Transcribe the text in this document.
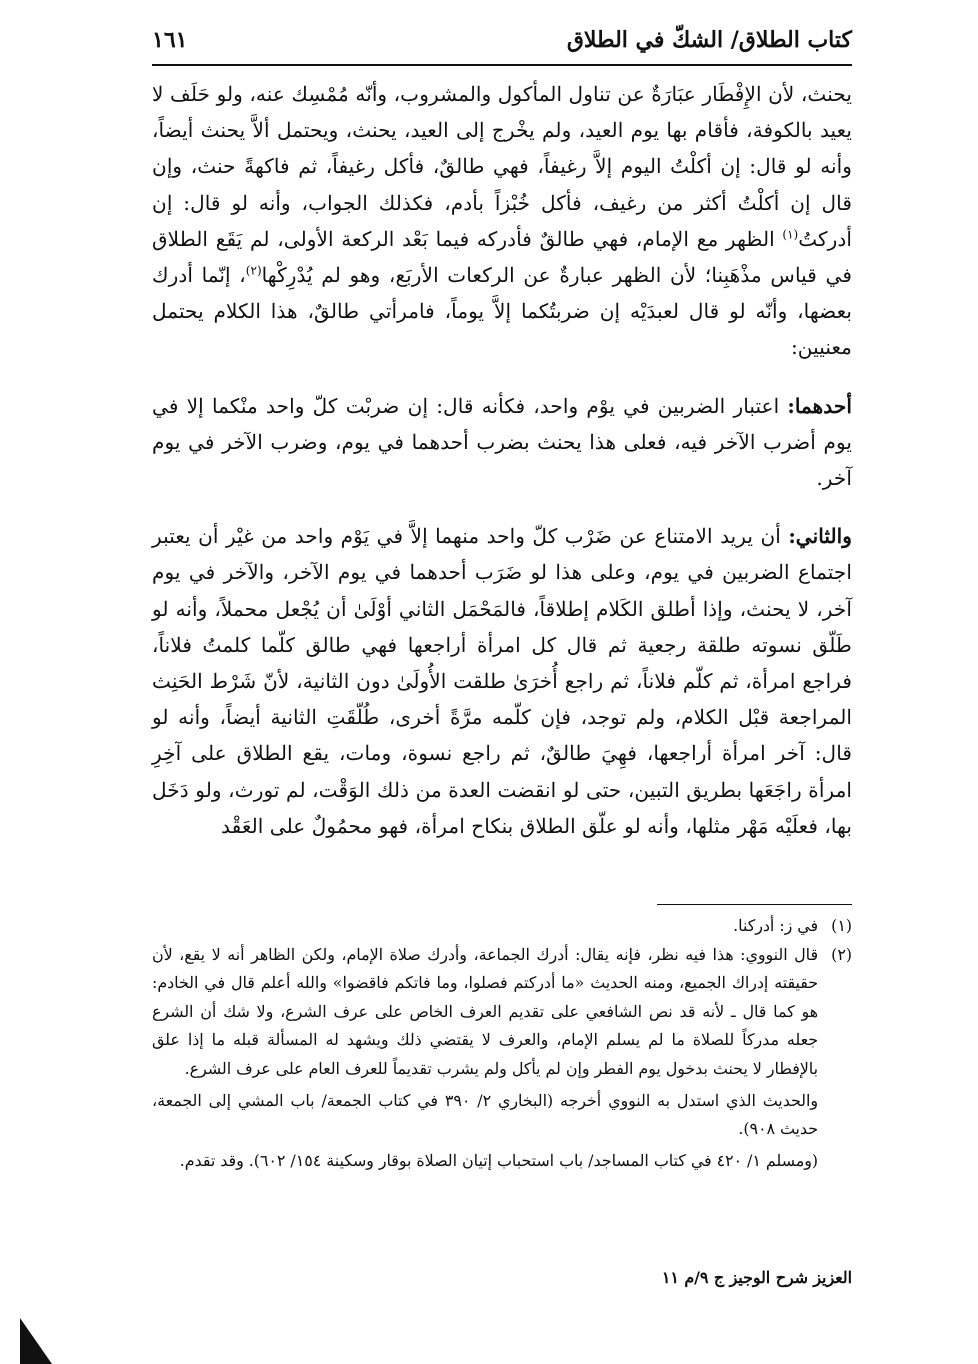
١٦١	كتاب الطلاق/ الشكّ في الطلاق

يحنث، لأن الإِفْطَار عبَارَةٌ عن تناول المأكول والمشروب، وأنّه مُمْسِك عنه، ولو حَلَف لا يعيد بالكوفة، فأقام بها يوم العيد، ولم يخْرج إلى العيد، يحنث، ويحتمل ألاَّ يحنث أيضاً، وأنه لو قال: إن أكلْتُ اليوم إلاَّ رغيفاً، فهي طالقٌ، فأكل رغيفاً، ثم فاكهةً حنث، وإن قال إن أكلْتُ أكثر من رغيف، فأكل خُبْزاً بأدم، فكذلك الجواب، وأنه لو قال: إن أدركتُ$^{(١)}$ الظهر مع الإمام، فهي طالقٌ فأدركه فيما بَعْد الركعة الأولى، لم يَقَع الطلاق في قياس مذْهَبِنا؛ لأن الظهر عبارةٌ عن الركعات الأربَع، وهو لم يُدْرِكْها$^{(٢)}$، إنّما أدرك بعضها، وأنّه لو قال لعبدَيْه إن ضربتُكما إلاَّ يوماً، فامرأتي طالقٌ، هذا الكلام يحتمل معنيين:

أحدهما: اعتبار الضربين في يوْم واحد، فكأنه قال: إن ضربْت كلّ واحد منْكما إلا في يوم أضرب الآخر فيه، فعلى هذا يحنث بضرب أحدهما في يوم، وضرب الآخر في يوم آخر.

والثاني: أن يريد الامتناع عن ضَرْب كلّ واحد منهما إلاَّ في يَوْم واحد من غيْر أن يعتبر اجتماع الضربين في يوم، وعلى هذا لو ضَرَب أحدهما في يوم الآخر، والآخر في يوم آخر، لا يحنث، وإذا أطلق الكَلام إطلاقاً، فالمَحْمَل الثاني أوْلَىٰ أن يُجْعل محملاً، وأنه لو طَلّق نسوته طلقة رجعية ثم قال كل امرأة أراجعها فهي طالق كلّما كلمتُ فلاناً، فراجع امرأة، ثم كلّم فلاناً، ثم راجع أُخرَىٰ طلقت الأُولَىٰ دون الثانية، لأنّ شَرْط الحَنِث المراجعة قبْل الكلام، ولم توجد، فإن كلّمه مرَّةً أخرى، طُلّقَتِ الثانية أيضاً، وأنه لو قال: آخر امرأة أراجعها، فهِيَ طالقٌ، ثم راجع نسوة، ومات، يقع الطلاق على آخِرِ امرأة راجَعَها بطريق التبين، حتى لو انقضت العدة من ذلك الوَقْت، لم تورث، ولو دَخَل بها، فعلَيْه مَهْر مثلها، وأنه لو علّق الطلاق بنكاح امرأة، فهو محمُولٌ على العَقْد

(١)

في ز: أدركنا.

(٢)

قال النووي: هذا فيه نظر، فإنه يقال: أدرك الجماعة، وأدرك صلاة الإمام، ولكن الظاهر أنه لا يقع، لأن حقيقته إدراك الجميع، ومنه الحديث «ما أدركتم فصلوا، وما فاتكم فاقضوا» والله أعلم قال في الخادم: هو كما قال ـ لأنه قد نص الشافعي على تقديم العرف الخاص على عرف الشرع، ولا شك أن الشرع جعله مدركاً للصلاة ما لم يسلم الإمام، والعرف لا يقتضي ذلك ويشهد له المسألة قبله ما إذا علق بالإفطار لا يحنث بدخول يوم الفطر وإن لم يأكل ولم يشرب تقديماً للعرف العام على عرف الشرع.

والحديث الذي استدل به النووي أخرجه (البخاري ٢/ ٣٩٠ في كتاب الجمعة/ باب المشي إلى الجمعة، حديث ٩٠٨).

(ومسلم ١/ ٤٢٠ في كتاب المساجد/ باب استحباب إتيان الصلاة بوقار وسكينة ١٥٤/ ٦٠٢). وقد تقدم.

العزيز شرح الوجيز ج ٩/م ١١
